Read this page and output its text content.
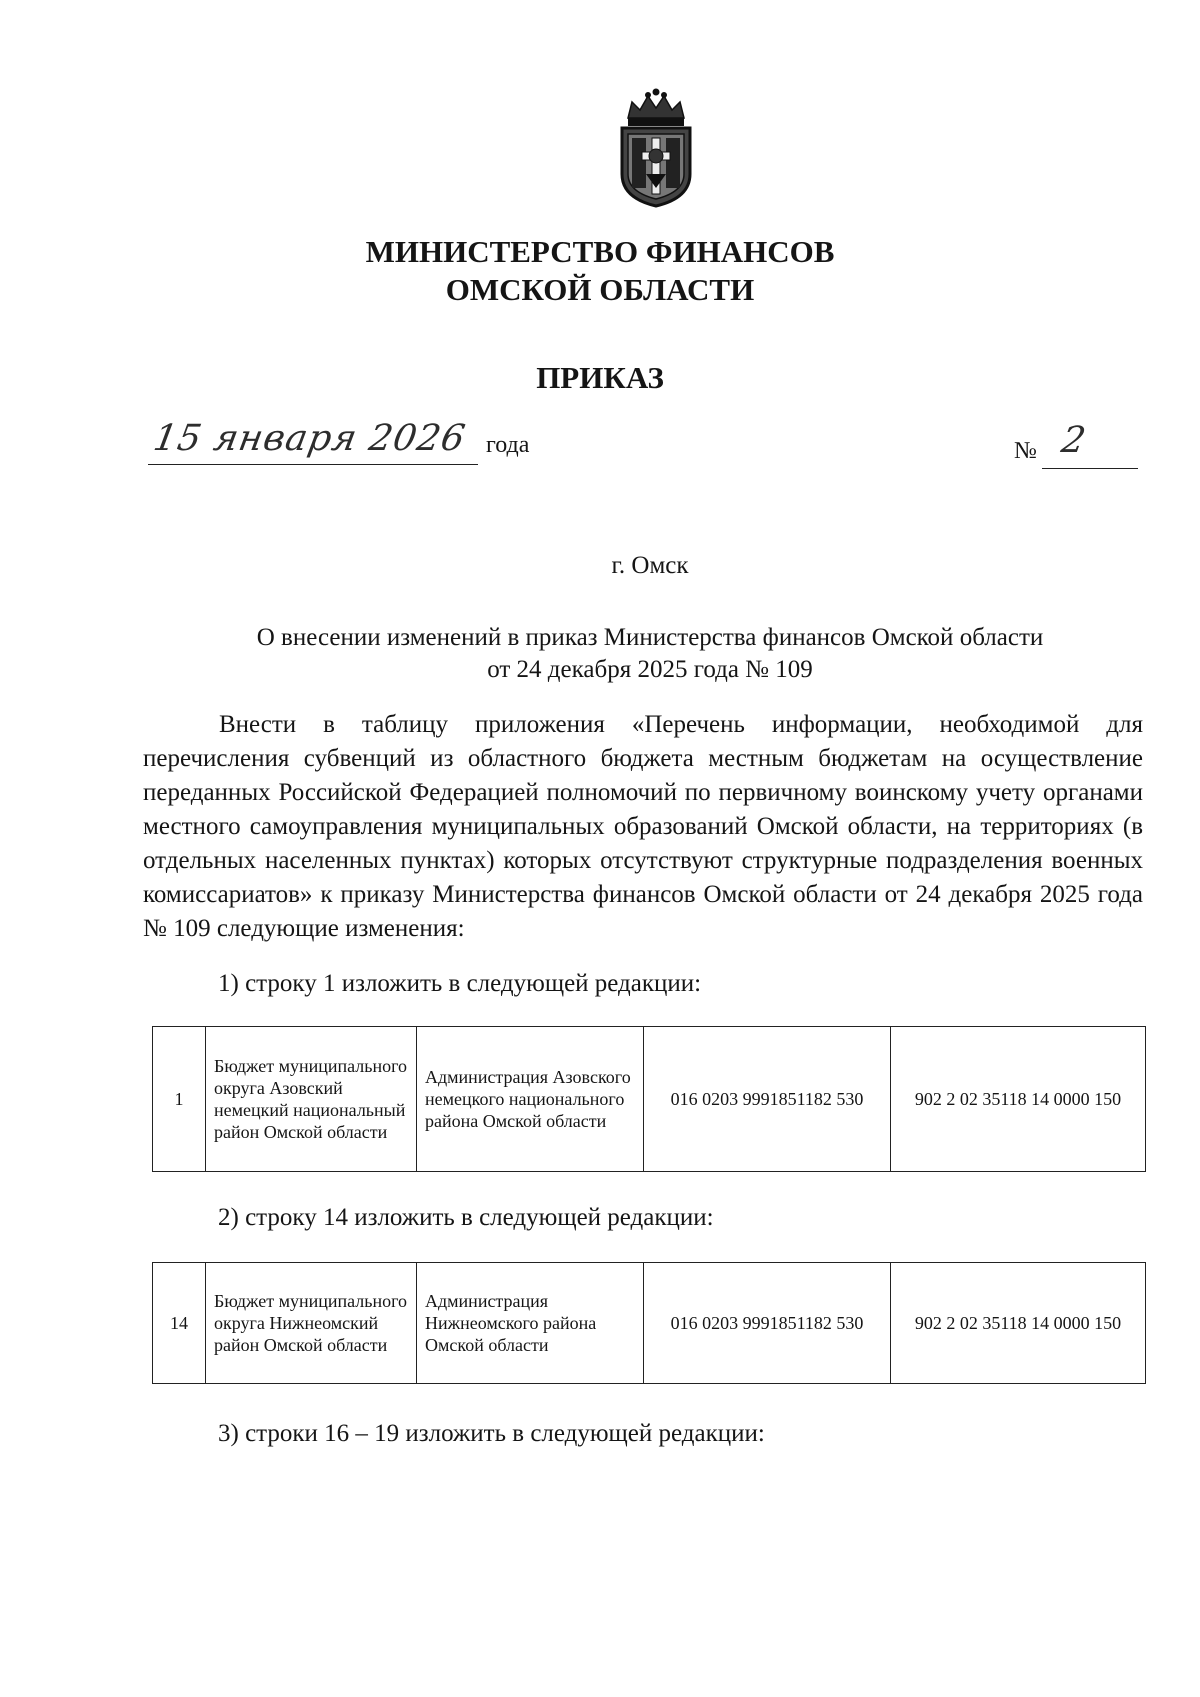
МИНИСТЕРСТВО ФИНАНСОВ
ОМСКОЙ ОБЛАСТИ
ПРИКАЗ
15 января 2026 года	№ 2
г. Омск
О внесении изменений в приказ Министерства финансов Омской области
от 24 декабря 2025 года № 109
Внести в таблицу приложения «Перечень информации, необходимой для перечисления субвенций из областного бюджета местным бюджетам на осуществление переданных Российской Федерацией полномочий по первичному воинскому учету органами местного самоуправления муниципальных образований Омской области, на территориях (в отдельных населенных пунктах) которых отсутствуют структурные подразделения военных комиссариатов» к приказу Министерства финансов Омской области от 24 декабря 2025 года № 109 следующие изменения:
1) строку 1 изложить в следующей редакции:
1	Бюджет муниципального округа Азовский немецкий национальный район Омской области	Администрация Азовского немецкого национального района Омской области	016 0203 9991851182 530	902 2 02 35118 14 0000 150
2) строку 14 изложить в следующей редакции:
14	Бюджет муниципального округа Нижнеомский район Омской области	Администрация Нижнеомского района Омской области	016 0203 9991851182 530	902 2 02 35118 14 0000 150
3) строки 16 – 19 изложить в следующей редакции:
